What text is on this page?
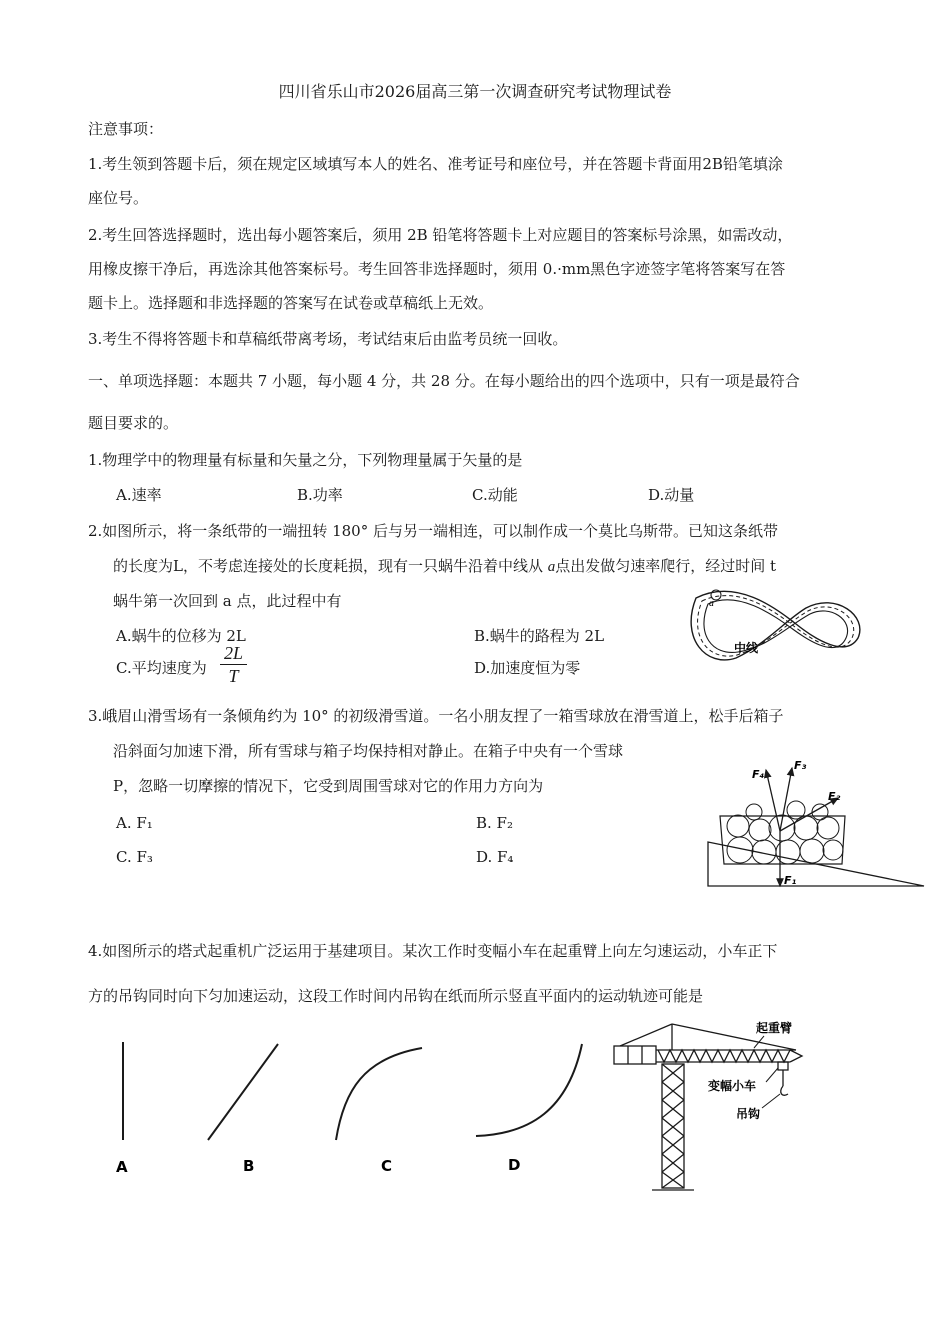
四川省乐山市2026届高三第一次调查研究考试物理试卷
注意事项：
1.考生领到答题卡后，须在规定区域填写本人的姓名、准考证号和座位号，并在答题卡背面用2B铅笔填涂
座位号。
2.考生回答选择题时，选出每小题答案后，须用 2B 铅笔将答题卡上对应题目的答案标号涂黑，如需改动，
用橡皮擦干净后，再选涂其他答案标号。考生回答非选择题时，须用 0.·mm黑色字迹签字笔将答案写在答
题卡上。选择题和非选择题的答案写在试卷或草稿纸上无效。
3.考生不得将答题卡和草稿纸带离考场，考试结束后由监考员统一回收。
一、单项选择题：本题共 7 小题，每小题 4 分，共 28 分。在每小题给出的四个选项中，只有一项是最符合
题目要求的。
1.物理学中的物理量有标量和矢量之分，下列物理量属于矢量的是
A.速率	B.功率	C.动能	D.动量
2.如图所示，将一条纸带的一端扭转 180° 后与另一端相连，可以制作成一个莫比乌斯带。已知这条纸带
的长度为L，不考虑连接处的长度耗损，现有一只蜗牛沿着中线从 a点出发做匀速率爬行，经过时间 t
蜗牛第一次回到 a 点，此过程中有
A.蜗牛的位移为 2L	B.蜗牛的路程为 2L
C.平均速度为 $\frac{2L}{T}$	D.加速度恒为零
a
中线
3.峨眉山滑雪场有一条倾角约为 10° 的初级滑雪道。一名小朋友捏了一箱雪球放在滑雪道上，松手后箱子
沿斜面匀加速下滑，所有雪球与箱子均保持相对静止。在箱子中央有一个雪球
P，忽略一切摩擦的情况下，它受到周围雪球对它的作用力方向为
A. F₁	B. F₂
C. F₃	D. F₄
F₁
F₂
F₃
F₄
4.如图所示的塔式起重机广泛运用于基建项目。某次工作时变幅小车在起重臂上向左匀速运动，小车正下
方的吊钩同时向下匀加速运动，这段工作时间内吊钩在纸而所示竖直平面内的运动轨迹可能是
A	B	C	D
起重臂
变幅小车
吊钩
